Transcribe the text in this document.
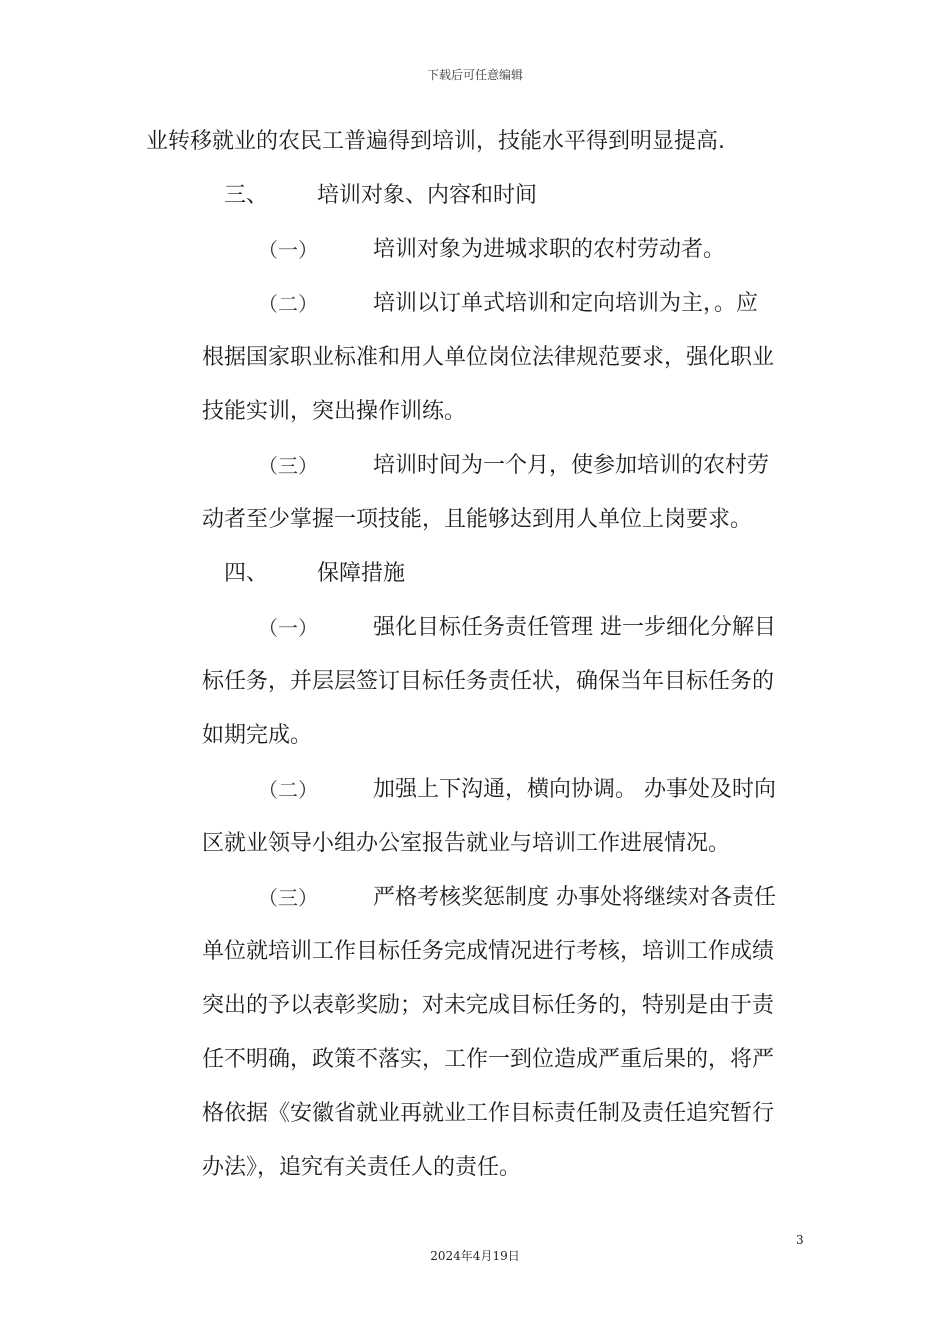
下载后可任意编辑
业转移就业的农民工普遍得到培训，技能水平得到明显提高.
三、 培训对象、内容和时间
（一）	培训对象为进城求职的农村劳动者。
（二）	培训以订单式培训和定向培训为主，。应
根据国家职业标准和用人单位岗位法律规范要求，强化职业
技能实训，突出操作训练。
（三）	培训时间为一个月，使参加培训的农村劳
动者至少掌握一项技能，且能够达到用人单位上岗要求。
四、 保障措施
（一）	强化目标任务责任管理 进一步细化分解目
标任务，并层层签订目标任务责任状，确保当年目标任务的
如期完成。
（二）	加强上下沟通，横向协调。 办事处及时向
区就业领导小组办公室报告就业与培训工作进展情况。
（三）	严格考核奖惩制度 办事处将继续对各责任
单位就培训工作目标任务完成情况进行考核，培训工作成绩
突出的予以表彰奖励；对未完成目标任务的，特别是由于责
任不明确，政策不落实，工作一到位造成严重后果的，将严
格依据《安徽省就业再就业工作目标责任制及责任追究暂行
办法》，追究有关责任人的责任。
3
2024年4月19日
